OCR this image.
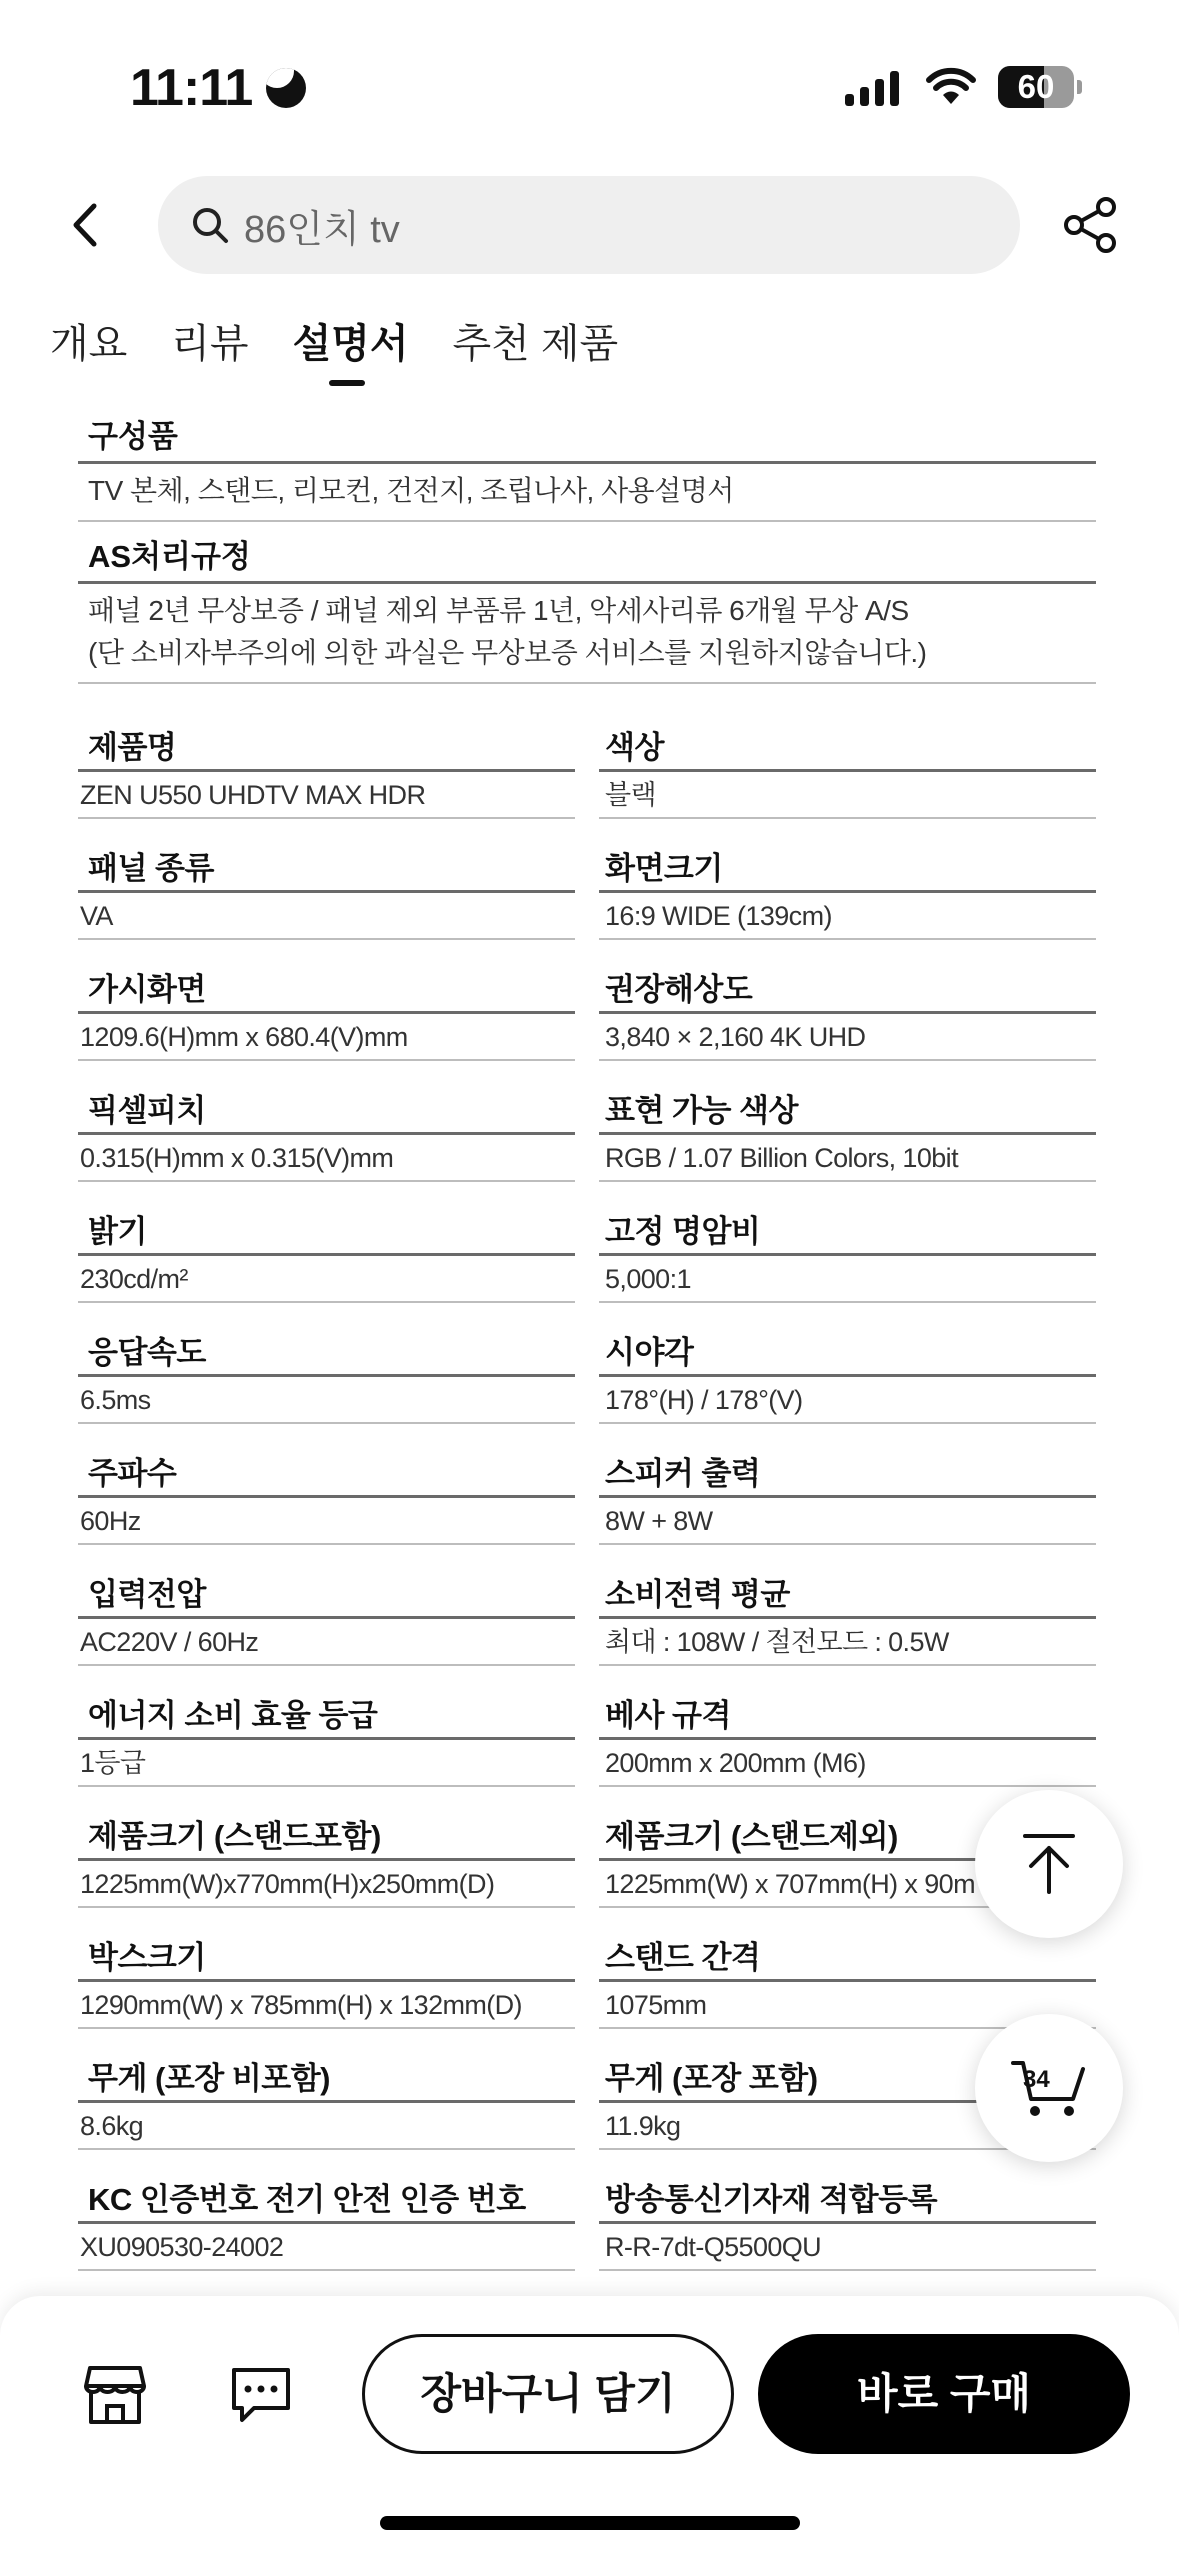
11:11	60
86인치 tv
개요 리뷰 설명서 추천 제품
구성품
TV 본체, 스탠드, 리모컨, 건전지, 조립나사, 사용설명서
AS처리규정
패널 2년 무상보증 / 패널 제외 부품류 1년, 악세사리류 6개월 무상 A/S
(단 소비자부주의에 의한 과실은 무상보증 서비스를 지원하지않습니다.)
제품명
ZEN U550 UHDTV MAX HDR
색상
블랙
패널 종류
VA
화면크기
16:9 WIDE (139cm)
가시화면
1209.6(H)mm x 680.4(V)mm
권장해상도
3,840 × 2,160 4K UHD
픽셀피치
0.315(H)mm x 0.315(V)mm
표현 가능 색상
RGB / 1.07 Billion Colors, 10bit
밝기
230cd/m²
고정 명암비
5,000:1
응답속도
6.5ms
시야각
178°(H) / 178°(V)
주파수
60Hz
스피커 출력
8W + 8W
입력전압
AC220V / 60Hz
소비전력 평균
최대 : 108W / 절전모드 : 0.5W
에너지 소비 효율 등급
1등급
베사 규격
200mm x 200mm (M6)
제품크기 (스탠드포함)
1225mm(W)x770mm(H)x250mm(D)
제품크기 (스탠드제외)
1225mm(W) x 707mm(H) x 90m
박스크기
1290mm(W) x 785mm(H) x 132mm(D)
스탠드 간격
1075mm
무게 (포장 비포함)
8.6kg
무게 (포장 포함)
11.9kg
KC 인증번호 전기 안전 인증 번호
XU090530-24002
방송통신기자재 적합등록
R-R-7dt-Q5500QU
34
장바구니 담기	바로 구매
